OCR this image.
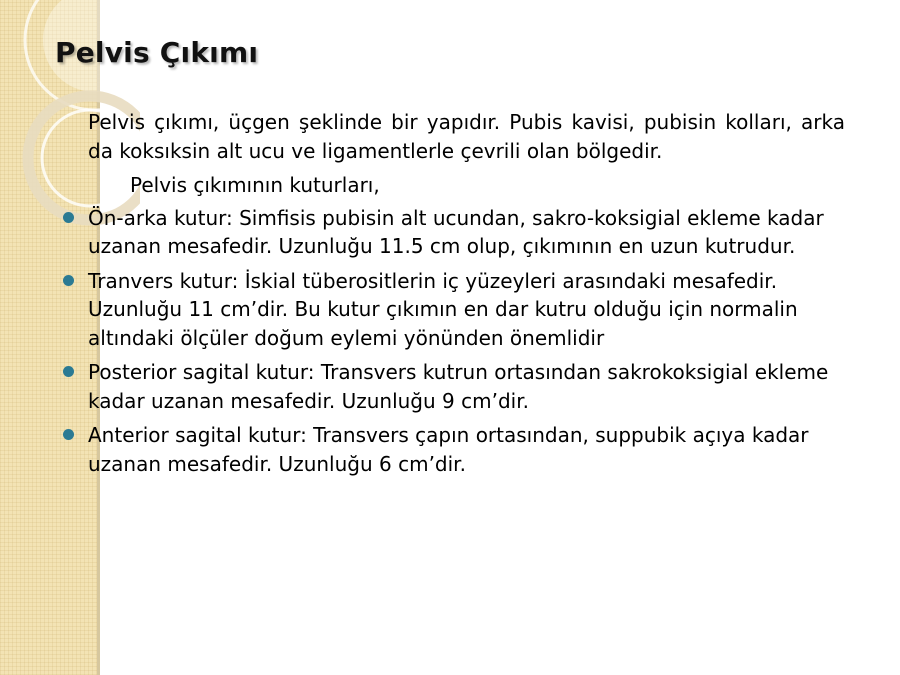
Pelvis Çıkımı

Pelvis çıkımı, üçgen şeklinde bir yapıdır. Pubis kavisi, pubisin kolları, arka da koksıksin alt ucu ve ligamentlerle çevrili olan bölgedir.

Pelvis çıkımının kuturları,

Ön-arka kutur: Simfisis pubisin alt ucundan, sakro-koksigial ekleme kadar uzanan mesafedir. Uzunluğu 11.5 cm olup, çıkımının en uzun kutrudur.
Tranvers kutur: İskial tüberositlerin iç yüzeyleri arasındaki mesafedir. Uzunluğu 11 cm’dir. Bu kutur çıkımın en dar kutru olduğu için normalin altındaki ölçüler doğum eylemi yönünden önemlidir
Posterior sagital kutur: Transvers kutrun ortasından sakrokoksigial ekleme kadar uzanan mesafedir. Uzunluğu 9 cm’dir.
Anterior sagital kutur: Transvers çapın ortasından, suppubik açıya kadar uzanan mesafedir. Uzunluğu 6 cm’dir.
